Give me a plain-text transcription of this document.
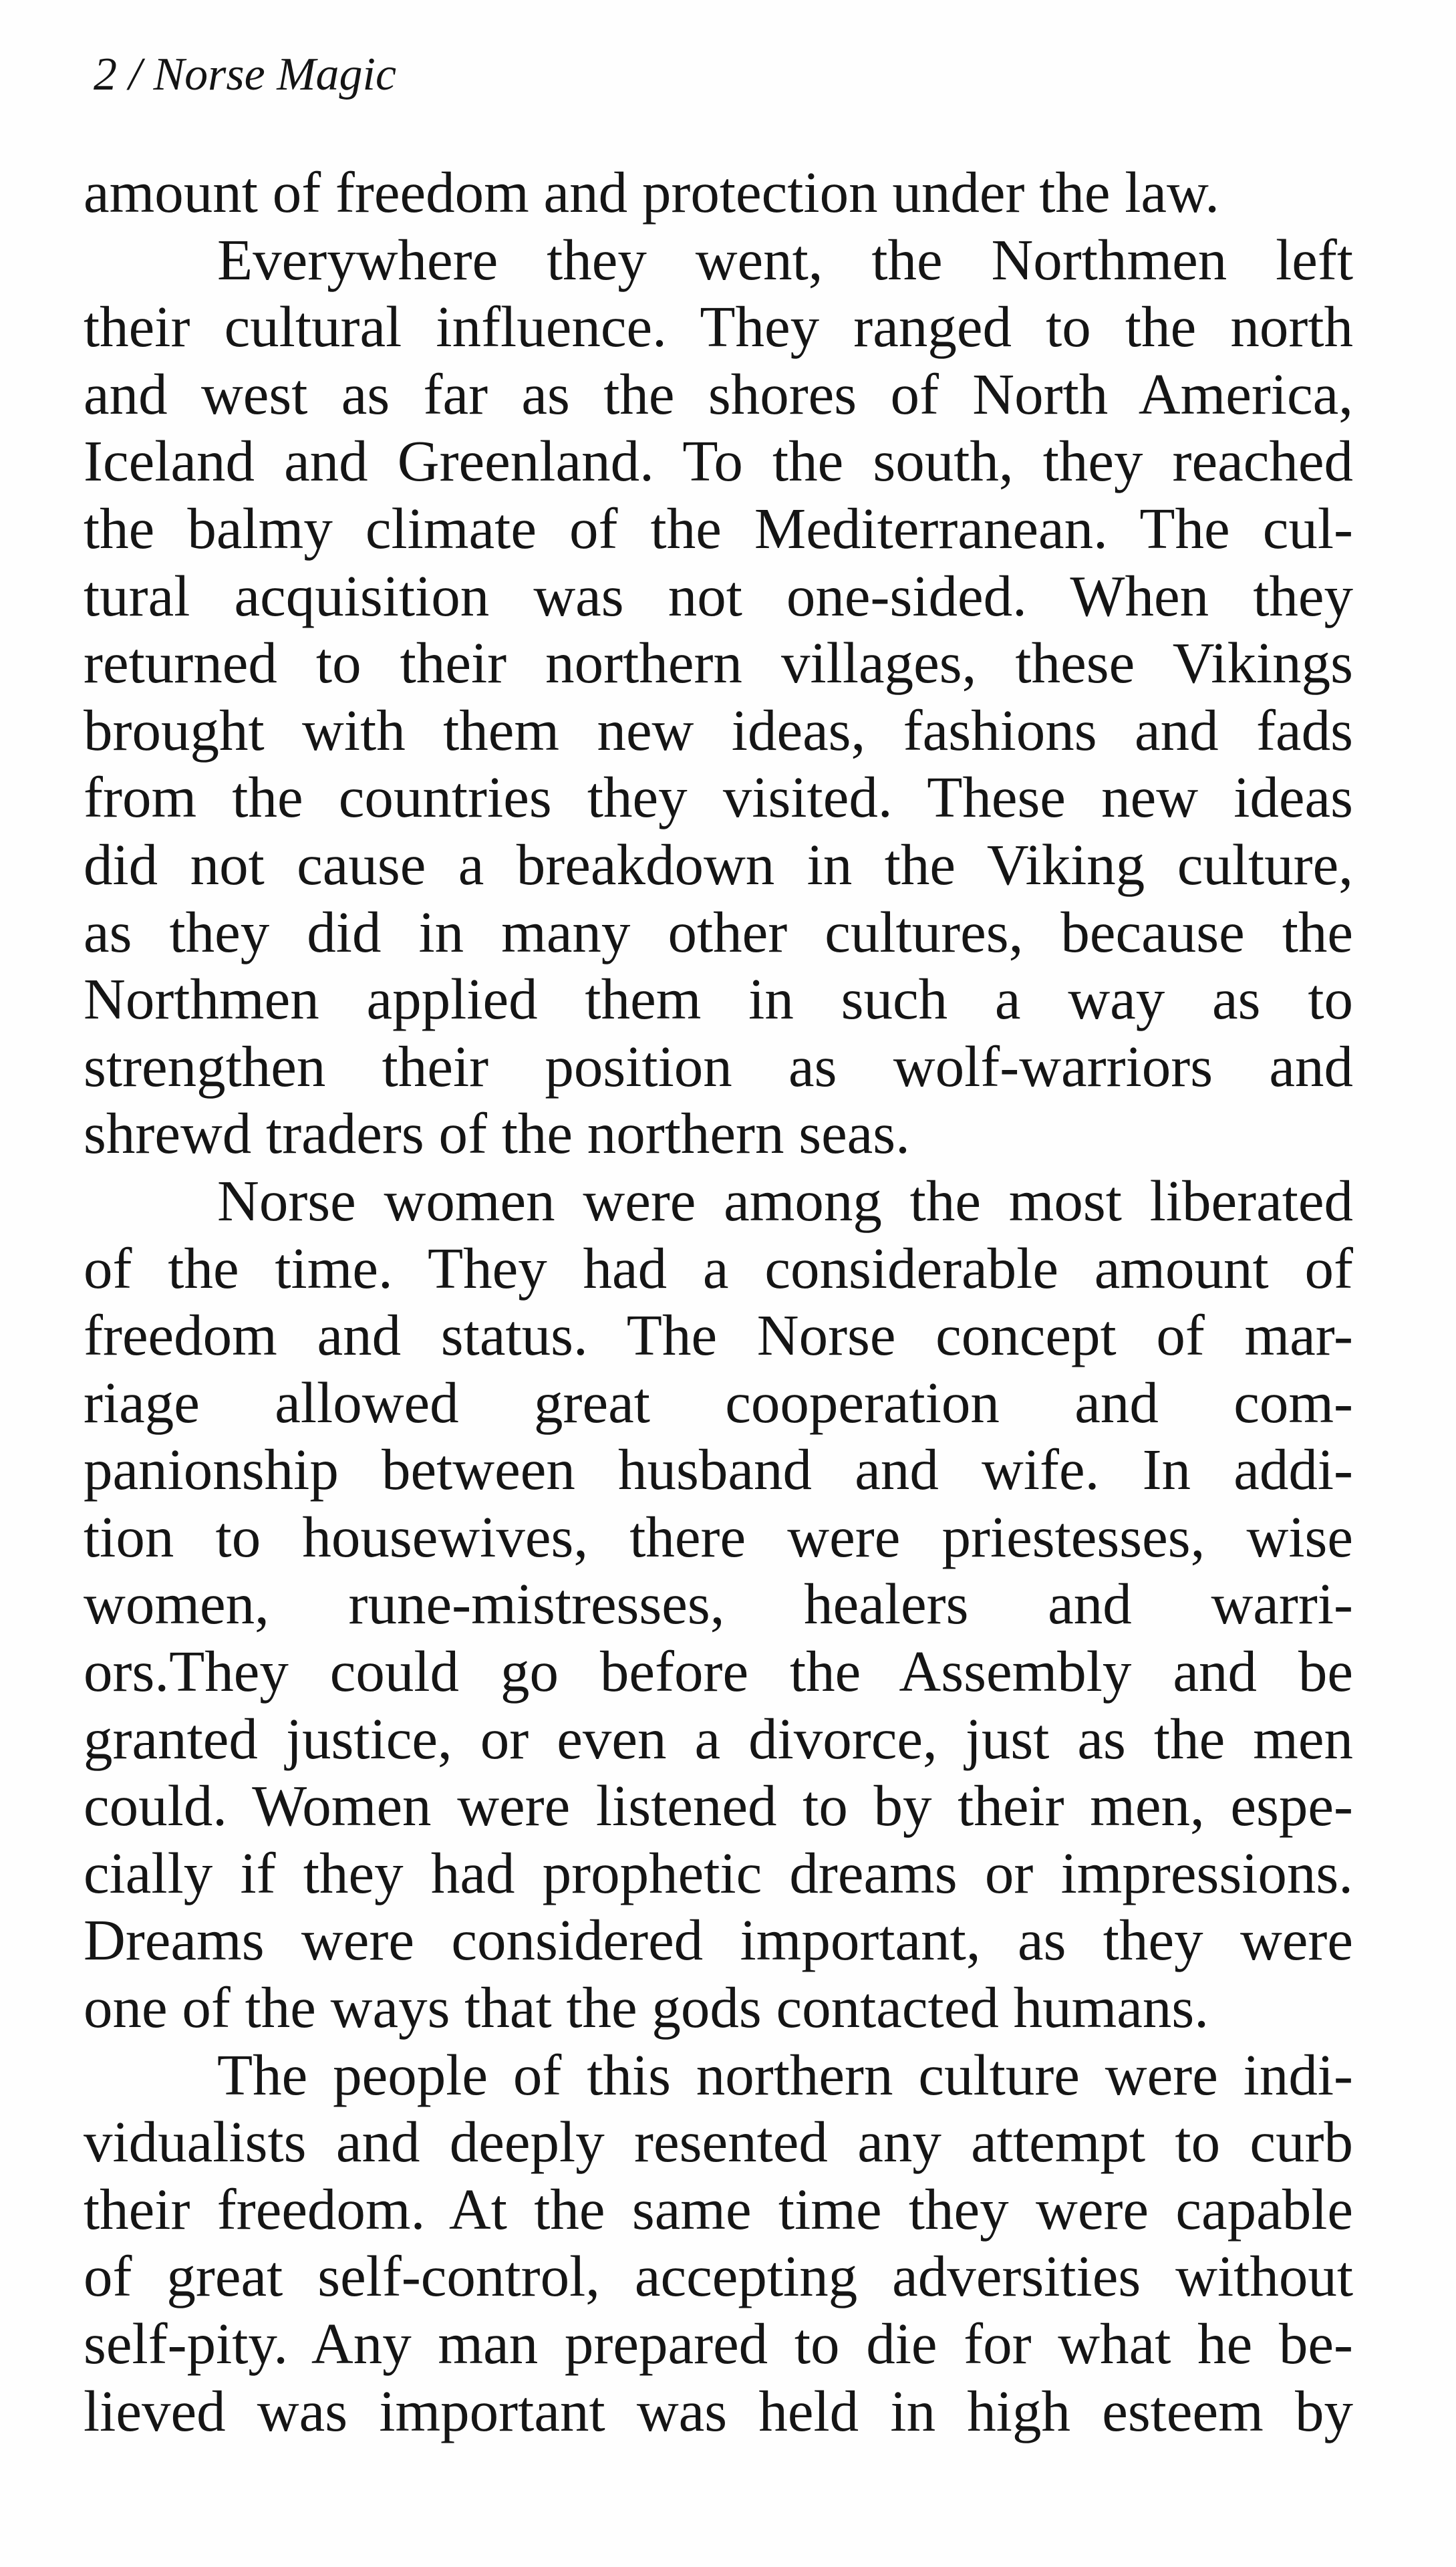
2 / Norse Magic
amount of freedom and protection under the law.
Everywhere they went, the Northmen left
their cultural influence. They ranged to the north
and west as far as the shores of North America,
Iceland and Greenland. To the south, they reached
the balmy climate of the Mediterranean. The cul-
tural acquisition was not one-sided. When they
returned to their northern villages, these Vikings
brought with them new ideas, fashions and fads
from the countries they visited. These new ideas
did not cause a breakdown in the Viking culture,
as they did in many other cultures, because the
Northmen applied them in such a way as to
strengthen their position as wolf-warriors and
shrewd traders of the northern seas.
Norse women were among the most liberated
of the time. They had a considerable amount of
freedom and status. The Norse concept of mar-
riage allowed great cooperation and com-
panionship between husband and wife. In addi-
tion to housewives, there were priestesses, wise
women, rune-mistresses, healers and warri-
ors.They could go before the Assembly and be
granted justice, or even a divorce, just as the men
could. Women were listened to by their men, espe-
cially if they had prophetic dreams or impressions.
Dreams were considered important, as they were
one of the ways that the gods contacted humans.
The people of this northern culture were indi-
vidualists and deeply resented any attempt to curb
their freedom. At the same time they were capable
of great self-control, accepting adversities without
self-pity. Any man prepared to die for what he be-
lieved was important was held in high esteem by
